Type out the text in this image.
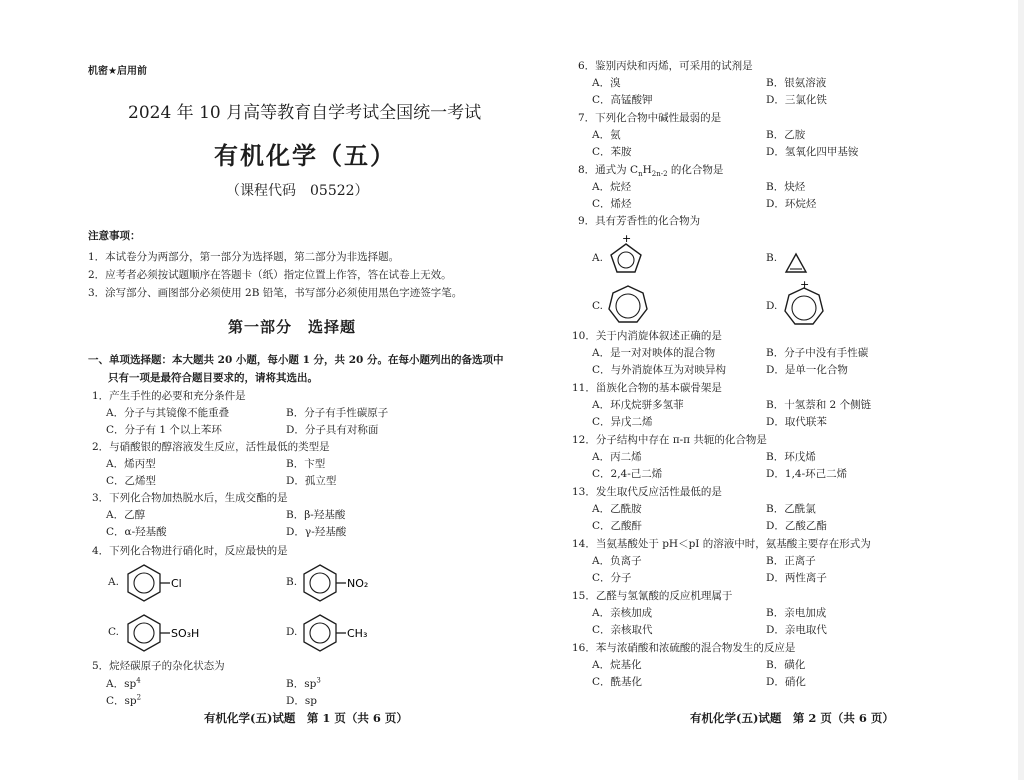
机密★启用前
2024 年 10 月高等教育自学考试全国统一考试
有机化学（五）
（课程代码　05522）
注意事项：
1．本试卷分为两部分，第一部分为选择题，第二部分为非选择题。
2．应考者必须按试题顺序在答题卡（纸）指定位置上作答，答在试卷上无效。
3．涂写部分、画图部分必须使用 2B 铅笔，书写部分必须使用黑色字迹签字笔。
第一部分　选择题
一、单项选择题：本大题共 20 小题，每小题 1 分，共 20 分。在每小题列出的备选项中
只有一项是最符合题目要求的，请将其选出。
1．产生手性的必要和充分条件是
A．分子与其镜像不能重叠	B．分子有手性碳原子
C．分子有 1 个以上苯环	D．分子具有对称面
2．与硝酸银的醇溶液发生反应，活性最低的类型是
A．烯丙型	B．卞型
C．乙烯型	D．孤立型
3．下列化合物加热脱水后，生成交酯的是
A．乙醇	B．β-羟基酸
C．α-羟基酸	D．γ-羟基酸
4．下列化合物进行硝化时，反应最快的是
A.	B.
C.	D.
Cl	NO₂
SO₃H	CH₃
5．烷烃碳原子的杂化状态为
A．$sp^4$	B．$sp^3$
C．$sp^2$	D．sp
有机化学(五)试题　第 1 页（共 6 页）
6．鉴别丙炔和丙烯，可采用的试剂是
A．溴	B．银氨溶液
C．高锰酸钾	D．三氯化铁
7．下列化合物中碱性最弱的是
A．氨	B．乙胺
C．苯胺	D．氢氧化四甲基铵
8．通式为 $C_nH_{2n-2}$ 的化合物是
A．烷烃	B．炔烃
C．烯烃	D．环烷烃
9．具有芳香性的化合物为
A.	B.
C.	D.
+
+
10．关于内消旋体叙述正确的是
A．是一对对映体的混合物	B．分子中没有手性碳
C．与外消旋体互为对映异构	D．是单一化合物
11．甾族化合物的基本碳骨架是
A．环戊烷骈多氢菲	B．十氢萘和 2 个侧链
C．异戊二烯	D．取代联苯
12．分子结构中存在 π-π 共轭的化合物是
A．丙二烯	B．环戊烯
C．2,4-己二烯	D．1,4-环己二烯
13．发生取代反应活性最低的是
A．乙酰胺	B．乙酰氯
C．乙酸酐	D．乙酸乙酯
14．当氨基酸处于 pH＜pI 的溶液中时，氨基酸主要存在形式为
A．负离子	B．正离子
C．分子	D．两性离子
15．乙醛与氢氰酸的反应机理属于
A．亲核加成	B．亲电加成
C．亲核取代	D．亲电取代
16．苯与浓硝酸和浓硫酸的混合物发生的反应是
A．烷基化	B．磺化
C．酰基化	D．硝化
有机化学(五)试题　第 2 页（共 6 页）
